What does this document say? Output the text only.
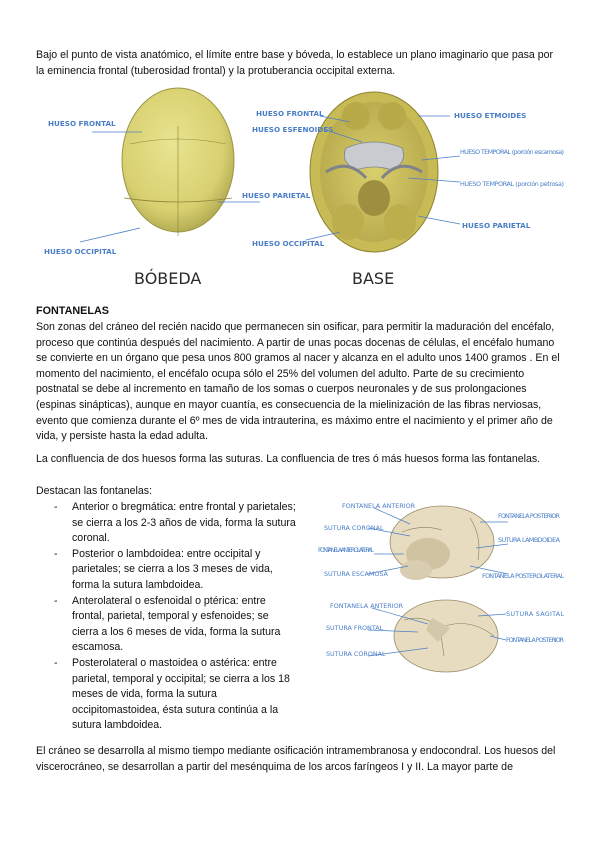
Bajo el punto de vista anatómico, el límite entre base y bóveda, lo establece un plano imaginario que pasa por la eminencia frontal (tuberosidad frontal) y la protuberancia occipital externa.

HUESO FRONTAL
HUESO PARIETAL
HUESO OCCIPITAL
BÓBEDA
HUESO FRONTAL
HUESO ESFENOIDES
HUESO ETMOIDES
HUESO TEMPORAL (porción escamosa)
HUESO TEMPORAL (porción petrosa)
HUESO PARIETAL
HUESO OCCIPITAL
BASE

FONTANELAS

Son zonas del cráneo del recién nacido que permanecen sin osificar, para permitir la maduración del encéfalo, proceso que continúa después del nacimiento. A partir de unas pocas docenas de células, el encéfalo humano se convierte en un órgano que pesa unos 800 gramos al nacer y alcanza en el adulto unos 1400 gramos . En el momento del nacimiento, el encéfalo ocupa sólo el 25% del volumen del adulto. Parte de su crecimiento postnatal se debe al incremento en tamaño de los somas o cuerpos neuronales y de sus prolongaciones (espinas sinápticas), aunque en mayor cuantía, es consecuencia de la mielinización de las fibras nerviosas, evento que comienza durante el 6º mes de vida intrauterina, es máximo entre el nacimiento y el primer año de vida, y persiste hasta la edad adulta.

La confluencia de dos huesos forma las suturas. La confluencia de tres ó más huesos forma las fontanelas.

Destacan las fontanelas:

- Anterior o bregmática: entre frontal y parietales; se cierra a los 2-3 años de vida, forma la sutura coronal.
- Posterior o lambdoidea: entre occipital y parietales; se cierra a los 3 meses de vida, forma la sutura lambdoidea.
- Anterolateral o esfenoidal o ptérica: entre frontal, parietal, temporal y esfenoides; se cierra a los 6 meses de vida, forma la sutura escamosa.
- Posterolateral o mastoidea o astérica: entre parietal, temporal y occipital; se cierra a los 18 meses de vida, forma la sutura occipitomastoidea, ésta sutura continúa a la sutura lambdoidea.
FONTANELA ANTERIOR
SUTURA CORONAL
FONTANELA ANTEROLATERAL
SUTURA ESCAMOSA
FONTANELA POSTERIOR
SUTURA LAMBDOIDEA
FONTANELA POSTEROLATERAL
FONTANELA ANTERIOR
SUTURA FRONTAL
SUTURA CORONAL
SUTURA SAGITAL
FONTANELA POSTERIOR

El cráneo se desarrolla al mismo tiempo mediante osificación intramembranosa y endocondral. Los huesos del viscerocráneo, se desarrollan a partir del mesénquima de los arcos faríngeos I y II. La mayor parte de
